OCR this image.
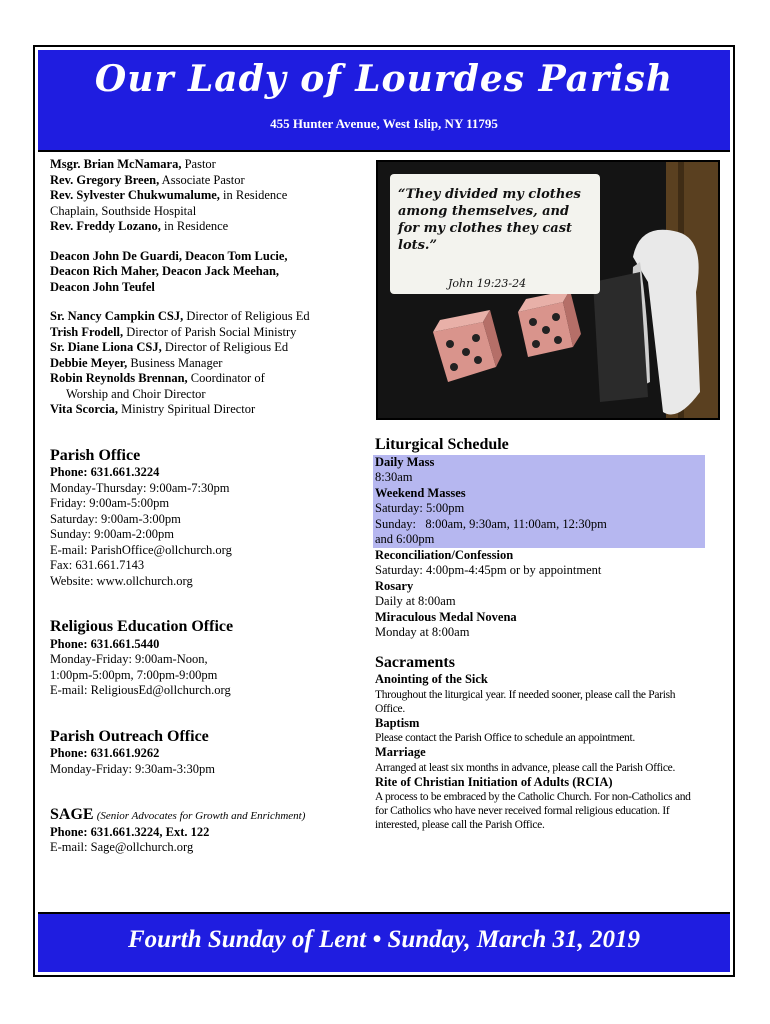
Our Lady of Lourdes Parish
455 Hunter Avenue, West Islip, NY 11795
Msgr. Brian McNamara, Pastor
Rev. Gregory Breen, Associate Pastor
Rev. Sylvester Chukwumalume, in Residence
Chaplain, Southside Hospital
Rev. Freddy Lozano, in Residence
Deacon John De Guardi, Deacon Tom Lucie,
Deacon Rich Maher, Deacon Jack Meehan,
Deacon John Teufel
Sr. Nancy Campkin CSJ, Director of Religious Ed
Trish Frodell, Director of Parish Social Ministry
Sr. Diane Liona CSJ, Director of Religious Ed
Debbie Meyer, Business Manager
Robin Reynolds Brennan, Coordinator of
Worship and Choir Director
Vita Scorcia, Ministry Spiritual Director
Parish Office
Phone: 631.661.3224
Monday-Thursday: 9:00am-7:30pm
Friday: 9:00am-5:00pm
Saturday: 9:00am-3:00pm
Sunday: 9:00am-2:00pm
E-mail: ParishOffice@ollchurch.org
Fax: 631.661.7143
Website: www.ollchurch.org
Religious Education Office
Phone: 631.661.5440
Monday-Friday: 9:00am-Noon,
1:00pm-5:00pm, 7:00pm-9:00pm
E-mail: ReligiousEd@ollchurch.org
Parish Outreach Office
Phone: 631.661.9262
Monday-Friday: 9:30am-3:30pm
SAGE (Senior Advocates for Growth and Enrichment)
Phone: 631.661.3224, Ext. 122
E-mail: Sage@ollchurch.org
“They divided my clothes among themselves, and for my clothes they cast lots.”
John 19:23-24
Liturgical Schedule
Daily Mass
8:30am
Weekend Masses
Saturday: 5:00pm
Sunday:   8:00am, 9:30am, 11:00am, 12:30pm
and 6:00pm
Reconciliation/Confession
Saturday: 4:00pm-4:45pm or by appointment
Rosary
Daily at 8:00am
Miraculous Medal Novena
Monday at 8:00am
Sacraments
Anointing of the Sick
Throughout the liturgical year. If needed sooner, please call the Parish Office.
Baptism
Please contact the Parish Office to schedule an appointment.
Marriage
Arranged at least six months in advance, please call the Parish Office.
Rite of Christian Initiation of Adults (RCIA)
A process to be embraced by the Catholic Church. For non-Catholics and for Catholics who have never received formal religious education. If interested, please call the Parish Office.
Fourth Sunday of Lent • Sunday, March 31, 2019
